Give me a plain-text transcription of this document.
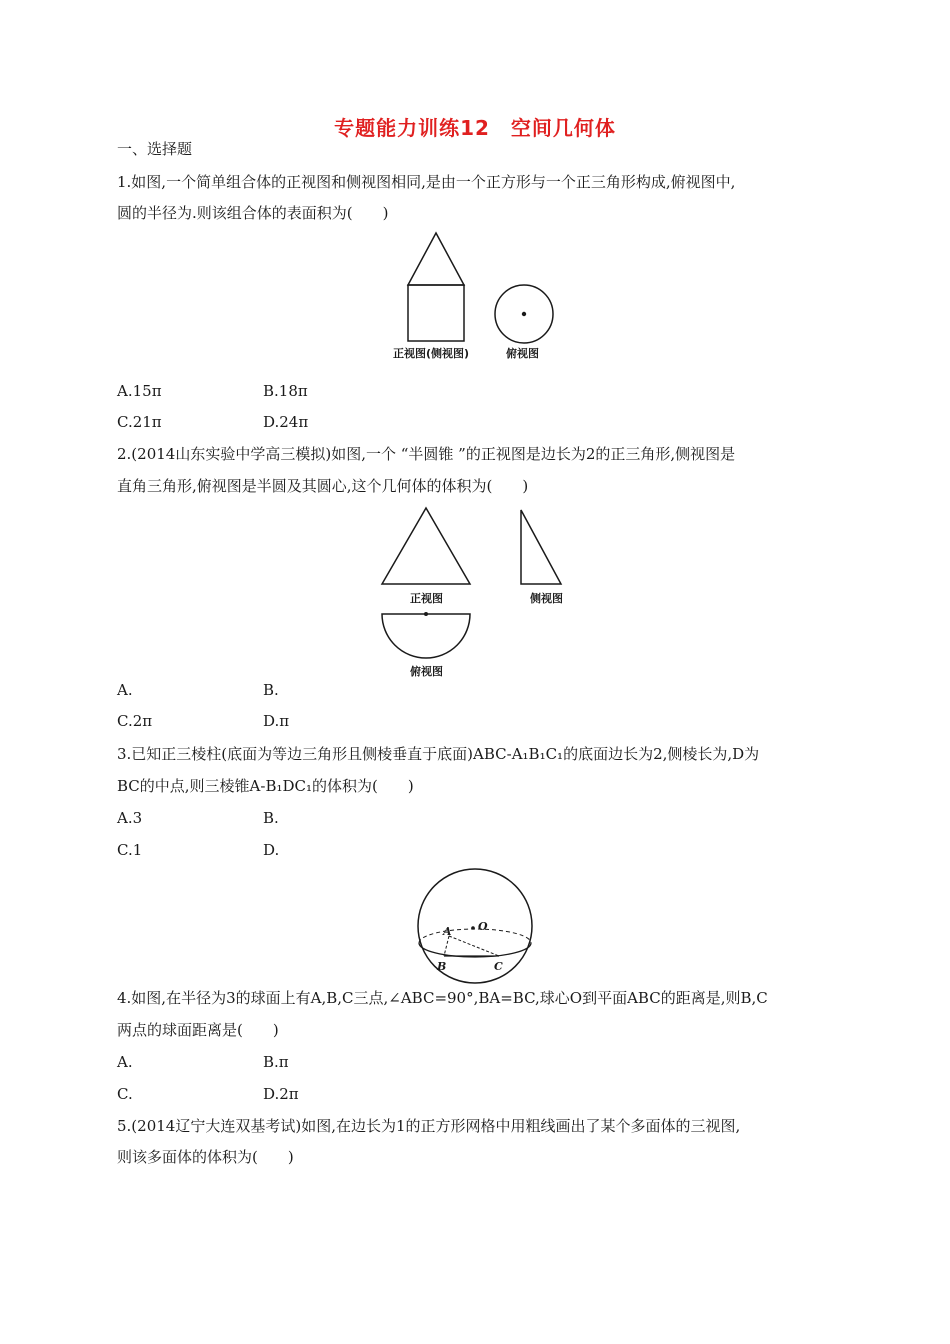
专题能力训练12　空间几何体
一、选择题
1.如图,一个简单组合体的正视图和侧视图相同,是由一个正方形与一个正三角形构成,俯视图中,
圆的半径为.则该组合体的表面积为(　　)
正视图(侧视图)	俯视图
A.15π	B.18π
C.21π	D.24π
2.(2014山东实验中学高三模拟)如图,一个 “半圆锥 ”的正视图是边长为2的正三角形,侧视图是
直角三角形,俯视图是半圆及其圆心,这个几何体的体积为(　　)
正视图	侧视图
俯视图
A.	B.
C.2π	D.π
3.已知正三棱柱(底面为等边三角形且侧棱垂直于底面)ABC-A₁B₁C₁的底面边长为2,侧棱长为,D为
BC的中点,则三棱锥A-B₁DC₁的体积为(　　)
A.3	B.
C.1	D.
A O
B	C
4.如图,在半径为3的球面上有A,B,C三点,∠ABC=90°,BA=BC,球心O到平面ABC的距离是,则B,C
两点的球面距离是(　　)
A.	B.π
C.	D.2π
5.(2014辽宁大连双基考试)如图,在边长为1的正方形网格中用粗线画出了某个多面体的三视图,
则该多面体的体积为(　　)
